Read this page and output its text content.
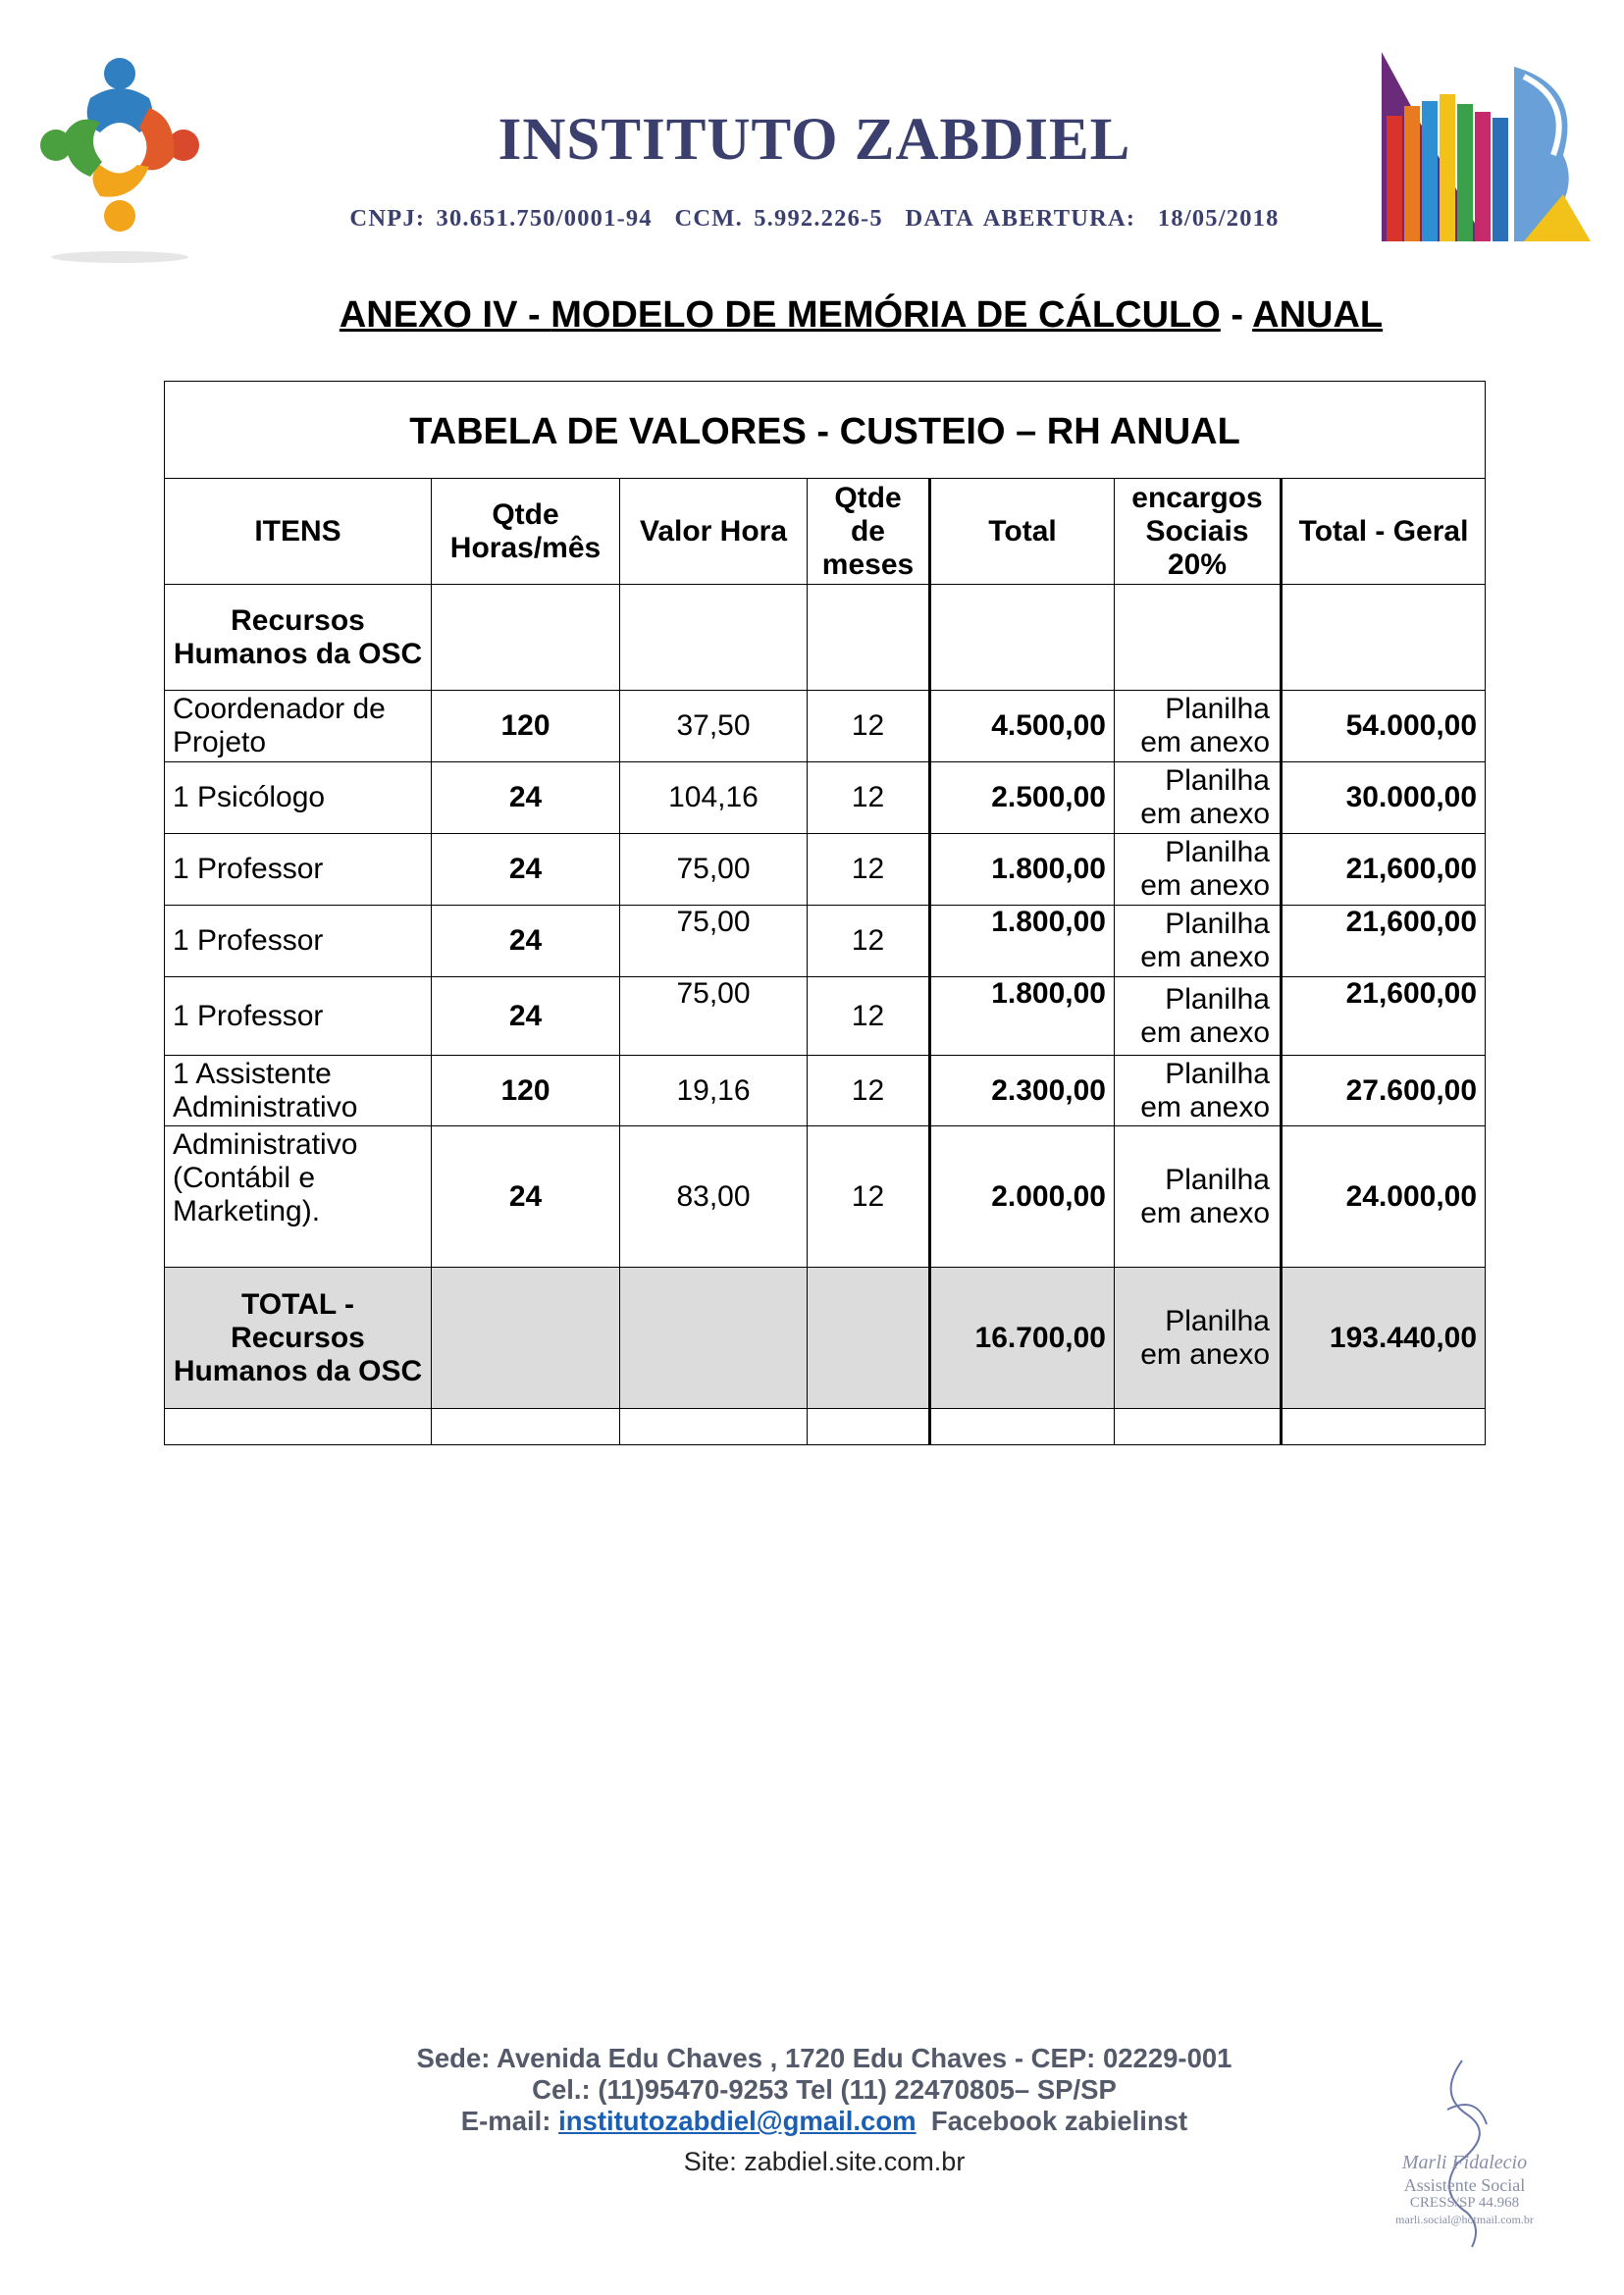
INSTITUTO ZABDIEL
CNPJ: 30.651.750/0001-94  CCM. 5.992.226-5  DATA ABERTURA:  18/05/2018
ANEXO IV - MODELO DE MEMÓRIA DE CÁLCULO - ANUAL
TABELA DE VALORES - CUSTEIO – RH ANUAL						
ITENS	Qtde Horas/mês	Valor Hora	Qtde de meses	Total	encargos Sociais 20%	Total - Geral
Recursos Humanos da OSC						
Coordenador de Projeto	120	37,50	12	4.500,00	Planilha em anexo	54.000,00
1 Psicólogo	24	104,16	12	2.500,00	Planilha em anexo	30.000,00
1 Professor	24	75,00	12	1.800,00	Planilha em anexo	21,600,00
1 Professor	24	75,00	12	1.800,00	Planilha em anexo	21,600,00
1 Professor	24	75,00	12	1.800,00	Planilha em anexo	21,600,00
1 Assistente Administrativo	120	19,16	12	2.300,00	Planilha em anexo	27.600,00
Administrativo (Contábil e Marketing).	24	83,00	12	2.000,00	Planilha em anexo	24.000,00
TOTAL - Recursos Humanos da OSC				16.700,00	Planilha em anexo	193.440,00

Sede: Avenida Edu Chaves , 1720 Edu Chaves - CEP: 02229-001
Cel.: (11)95470-9253 Tel (11) 22470805– SP/SP
E-mail: institutozabdiel@gmail.com Facebook zabielinst
Site: zabdiel.site.com.br	Marli Fidalecio
Assistente Social
CRESS/SP 44.968
marli.social@hotmail.com.br
